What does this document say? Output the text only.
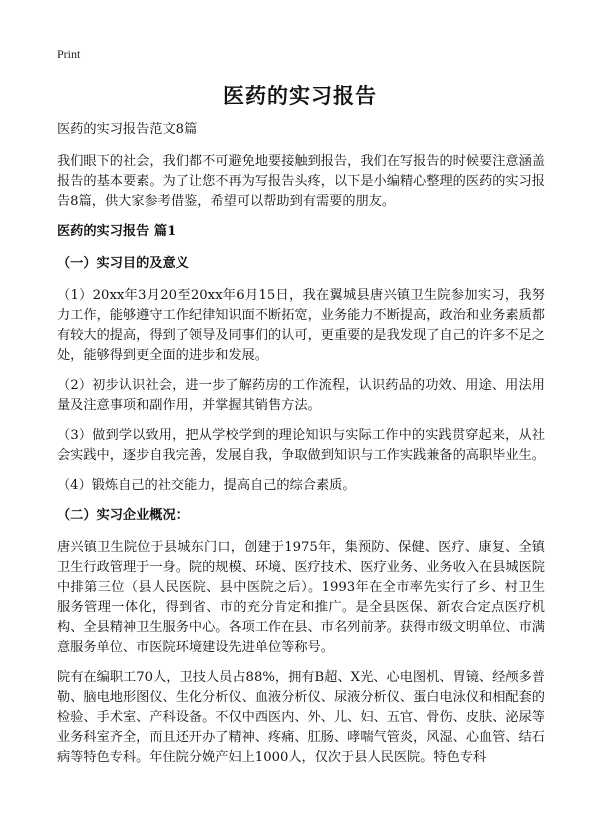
Print
医药的实习报告

医药的实习报告范文8篇

我们眼下的社会，我们都不可避免地要接触到报告，我们在写报告的时候要注意涵盖报告的基本要素。为了让您不再为写报告头疼，以下是小编精心整理的医药的实习报告8篇，供大家参考借鉴，希望可以帮助到有需要的朋友。

医药的实习报告 篇1

（一）实习目的及意义

（1）20xx年3月20至20xx年6月15日，我在翼城县唐兴镇卫生院参加实习，我努力工作，能够遵守工作纪律知识面不断拓宽，业务能力不断提高，政治和业务素质都有较大的提高，得到了领导及同事们的认可，更重要的是我发现了自己的许多不足之处，能够得到更全面的进步和发展。

（2）初步认识社会，进一步了解药房的工作流程，认识药品的功效、用途、用法用量及注意事项和副作用，并掌握其销售方法。

（3）做到学以致用，把从学校学到的理论知识与实际工作中的实践贯穿起来，从社会实践中，逐步自我完善，发展自我，争取做到知识与工作实践兼备的高职毕业生。

（4）锻炼自己的社交能力，提高自己的综合素质。

（二）实习企业概况：

唐兴镇卫生院位于县城东门口，创建于1975年，集预防、保健、医疗、康复、全镇卫生行政管理于一身。院的规模、环境、医疗技术、医疗业务、业务收入在县城医院中排第三位（县人民医院、县中医院之后）。1993年在全市率先实行了乡、村卫生服务管理一体化，得到省、市的充分肯定和推广。是全县医保、新农合定点医疗机构、全县精神卫生服务中心。各项工作在县、市名列前茅。获得市级文明单位、市满意服务单位、市医院环境建设先进单位等称号。

院有在编职工70人，卫技人员占88%，拥有B超、X光、心电图机、胃镜、经颅多普勒、脑电地形图仪、生化分析仪、血液分析仪、尿液分析仪、蛋白电泳仪和相配套的检验、手术室、产科设备。不仅中西医内、外、儿、妇、五官、骨伤、皮肤、泌尿等业务科室齐全，而且还开办了精神、疼痛、肛肠、哮喘气管炎，风湿、心血管、结石病等特色专科。年住院分娩产妇上1000人，仅次于县人民医院。特色专科
